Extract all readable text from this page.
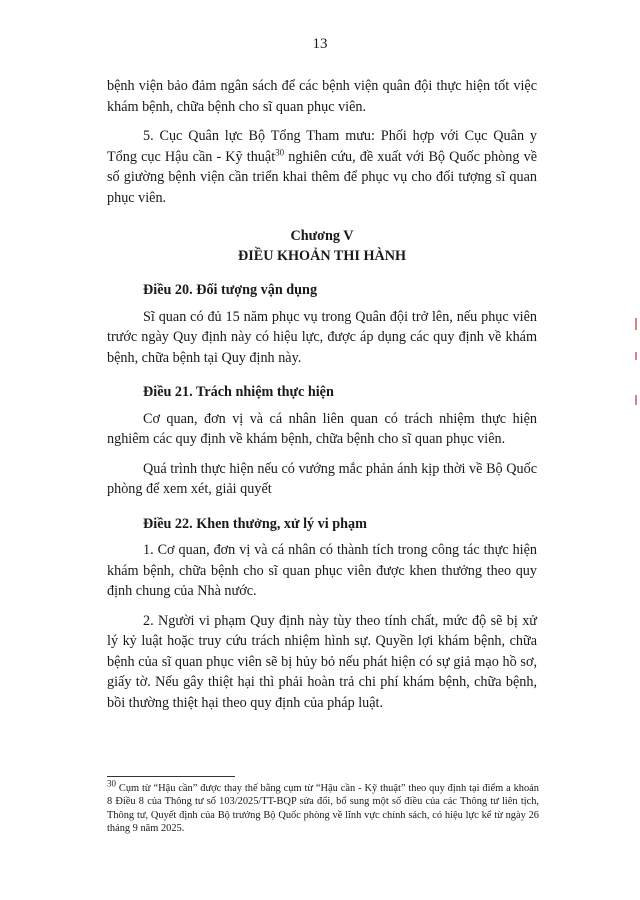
13

bệnh viện bảo đảm ngân sách để các bệnh viện quân đội thực hiện tốt việc khám bệnh, chữa bệnh cho sĩ quan phục viên.

5. Cục Quân lực Bộ Tổng Tham mưu: Phối hợp với Cục Quân y Tổng cục Hậu cần - Kỹ thuật$^{30}$ nghiên cứu, đề xuất với Bộ Quốc phòng về số giường bệnh viện cần triển khai thêm để phục vụ cho đối tượng sĩ quan phục viên.

Chương V
ĐIỀU KHOẢN THI HÀNH

Điều 20. Đối tượng vận dụng

Sĩ quan có đủ 15 năm phục vụ trong Quân đội trở lên, nếu phục viên trước ngày Quy định này có hiệu lực, được áp dụng các quy định về khám bệnh, chữa bệnh tại Quy định này.

Điều 21. Trách nhiệm thực hiện

Cơ quan, đơn vị và cá nhân liên quan có trách nhiệm thực hiện nghiêm các quy định về khám bệnh, chữa bệnh cho sĩ quan phục viên.

Quá trình thực hiện nếu có vướng mắc phản ánh kịp thời về Bộ Quốc phòng để xem xét, giải quyết

Điều 22. Khen thưởng, xử lý vi phạm

1. Cơ quan, đơn vị và cá nhân có thành tích trong công tác thực hiện khám bệnh, chữa bệnh cho sĩ quan phục viên được khen thưởng theo quy định chung của Nhà nước.

2. Người vi phạm Quy định này tùy theo tính chất, mức độ sẽ bị xử lý kỷ luật hoặc truy cứu trách nhiệm hình sự. Quyền lợi khám bệnh, chữa bệnh của sĩ quan phục viên sẽ bị hủy bỏ nếu phát hiện có sự giả mạo hồ sơ, giấy tờ. Nếu gây thiệt hại thì phải hoàn trả chi phí khám bệnh, chữa bệnh, bồi thường thiệt hại theo quy định của pháp luật.

$^{30}$ Cụm từ “Hậu cần” được thay thế bằng cụm từ “Hậu cần - Kỹ thuật” theo quy định tại điểm a khoản 8 Điều 8 của Thông tư số 103/2025/TT-BQP sửa đổi, bổ sung một số điều của các Thông tư liên tịch, Thông tư, Quyết định của Bộ trưởng Bộ Quốc phòng về lĩnh vực chính sách, có hiệu lực kể từ ngày 26 tháng 9 năm 2025.
